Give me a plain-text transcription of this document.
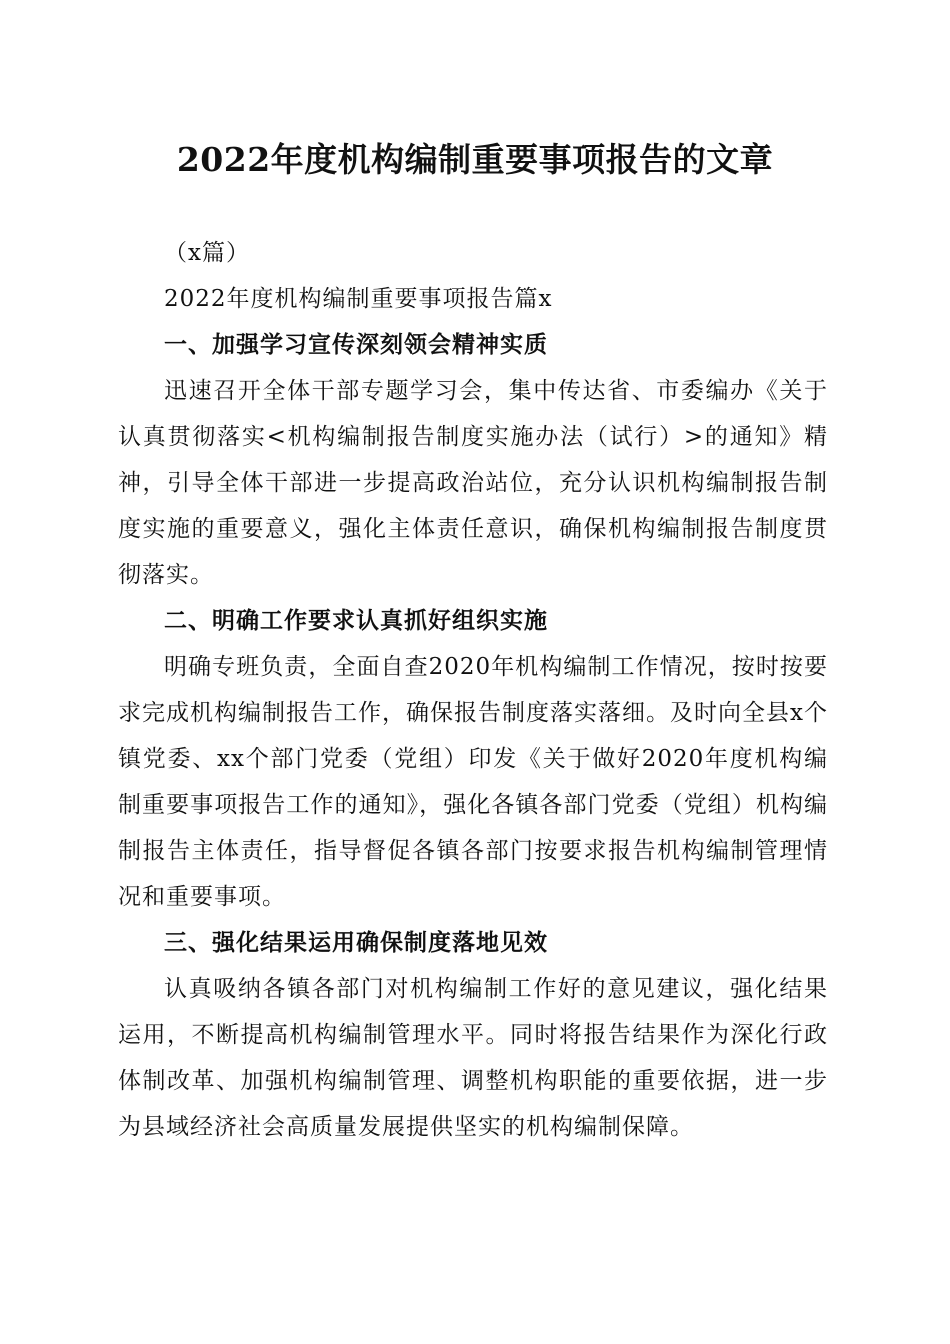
2022年度机构编制重要事项报告的文章

（x篇）

2022年度机构编制重要事项报告篇x

一、加强学习宣传深刻领会精神实质

迅速召开全体干部专题学习会，集中传达省、市委编办《关于认真贯彻落实<机构编制报告制度实施办法（试行）>的通知》精神，引导全体干部进一步提高政治站位，充分认识机构编制报告制度实施的重要意义，强化主体责任意识，确保机构编制报告制度贯彻落实。

二、明确工作要求认真抓好组织实施

明确专班负责，全面自查2020年机构编制工作情况，按时按要求完成机构编制报告工作，确保报告制度落实落细。及时向全县x个镇党委、xx个部门党委（党组）印发《关于做好2020年度机构编制重要事项报告工作的通知》，强化各镇各部门党委（党组）机构编制报告主体责任，指导督促各镇各部门按要求报告机构编制管理情况和重要事项。

三、强化结果运用确保制度落地见效

认真吸纳各镇各部门对机构编制工作好的意见建议，强化结果运用，不断提高机构编制管理水平。同时将报告结果作为深化行政体制改革、加强机构编制管理、调整机构职能的重要依据，进一步为县域经济社会高质量发展提供坚实的机构编制保障。
